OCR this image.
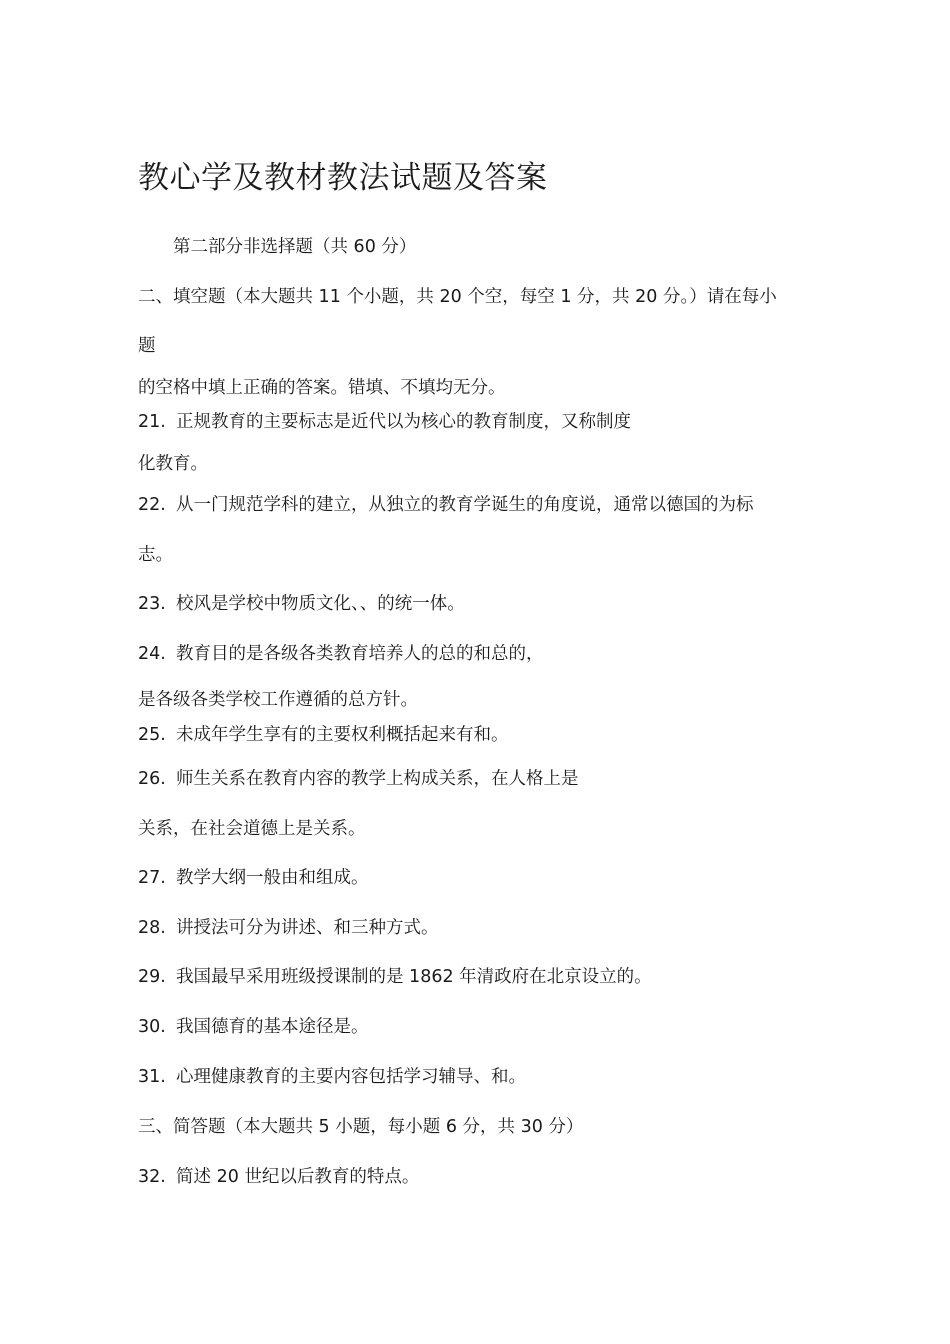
教心学及教材教法试题及答案
第二部分非选择题（共 60 分）
二、填空题（本大题共 11 个小题，共 20 个空，每空 1 分，共 20 分。）请在每小
题
的空格中填上正确的答案。错填、不填均无分。
21. 正规教育的主要标志是近代以为核心的教育制度，又称制度
化教育。
22. 从一门规范学科的建立，从独立的教育学诞生的角度说，通常以德国的为标
志。
23. 校风是学校中物质文化、、的统一体。
24. 教育目的是各级各类教育培养人的总的和总的，
是各级各类学校工作遵循的总方针。
25. 未成年学生享有的主要权利概括起来有和。
26. 师生关系在教育内容的教学上构成关系，在人格上是
关系，在社会道德上是关系。
27. 教学大纲一般由和组成。
28. 讲授法可分为讲述、和三种方式。
29. 我国最早采用班级授课制的是 1862 年清政府在北京设立的。
30. 我国德育的基本途径是。
31. 心理健康教育的主要内容包括学习辅导、和。
三、简答题（本大题共 5 小题，每小题 6 分，共 30 分）
32. 简述 20 世纪以后教育的特点。
